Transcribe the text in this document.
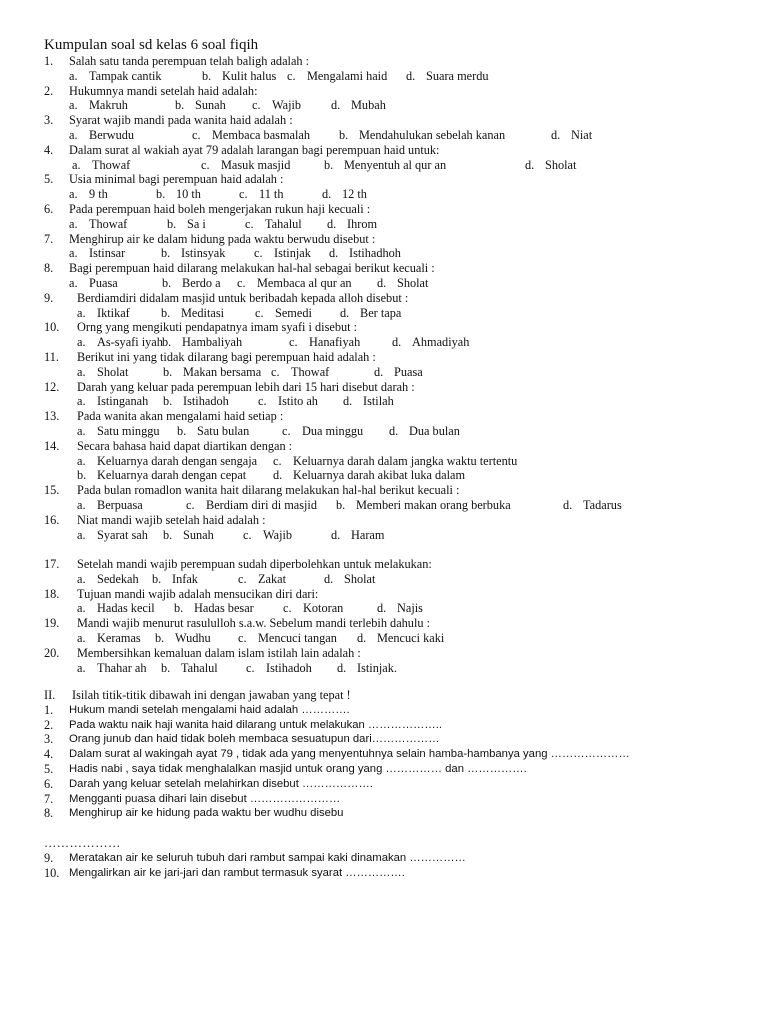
Kumpulan soal sd kelas 6 soal fiqih
1. Salah satu tanda perempuan telah baligh adalah :
a. Tampak cantik	b. Kulit halus c. Mengalami haid d. Suara merdu
2. Hukumnya mandi setelah haid adalah:
a. Makruh	b. Sunah c. Wajib d. Mubah
3. Syarat wajib mandi pada wanita haid adalah :
a. Berwudu	c. Membaca basmalah b. Mendahulukan sebelah kanan	d. Niat
4. Dalam surat al wakiah ayat 79 adalah larangan bagi perempuan haid untuk:
a. Thowaf	c. Masuk masjid	b. Menyentuh al qur an	d. Sholat
5. Usia minimal bagi perempuan haid adalah :
a. 9 th	b. 10 th	c. 11 th	d. 12 th
6. Pada perempuan haid boleh mengerjakan rukun haji kecuali :
a. Thowaf	b. Sa i	c. Tahalul d. Ihrom
7. Menghirup air ke dalam hidung pada waktu berwudu disebut :
a. Istinsar	b. Istinsyak c. Istinjak d. Istihadhoh
8. Bagi perempuan haid dilarang melakukan hal-hal sebagai berikut kecuali :
a. Puasa	b. Berdo a c. Membaca al qur an d. Sholat
9. Berdiamdiri didalam masjid untuk beribadah kepada alloh disebut :
a. Iktikaf	b. Meditasi	c. Semedi d. Ber tapa
10. Orng yang mengikuti pendapatnya imam syafi i disebut :
a. As-syafi iyah b. Hambaliyah	c. Hanafiyah	d. Ahmadiyah
11. Berikut ini yang tidak dilarang bagi perempuan haid adalah :
a. Sholat	b. Makan bersama c. Thowaf	d. Puasa
12. Darah yang keluar pada perempuan lebih dari 15 hari disebut darah :
a. Istinganah b. Istihadoh c. Istito ah d. Istilah
13. Pada wanita akan mengalami haid setiap :
a. Satu minggu b. Satu bulan	c. Dua minggu d. Dua bulan
14. Secara bahasa haid dapat diartikan dengan :
a. Keluarnya darah dengan sengaja c. Keluarnya darah dalam jangka waktu tertentu
b. Keluarnya darah dengan cepat d. Keluarnya darah akibat luka dalam
15. Pada bulan romadlon wanita hait dilarang melakukan hal-hal berikut kecuali :
a. Berpuasa	c. Berdiam diri di masjid b. Memberi makan orang berbuka	d. Tadarus
16. Niat mandi wajib setelah haid adalah :
a. Syarat sah b. Sunah c. Wajib	d. Haram
17. Setelah mandi wajib perempuan sudah diperbolehkan untuk melakukan:
a. Sedekah b. Infak	c. Zakat	d. Sholat
18. Tujuan mandi wajib adalah mensucikan diri dari:
a. Hadas kecil b. Hadas besar c. Kotoran	d. Najis
19. Mandi wajib menurut rasululloh s.a.w. Sebelum mandi terlebih dahulu :
a. Keramas b. Wudhu c. Mencuci tangan d. Mencuci kaki
20. Membersihkan kemaluan dalam islam istilah lain adalah :
a. Thahar ah b. Tahalul c. Istihadoh d. Istinjak.
II. Isilah titik-titik dibawah ini dengan jawaban yang tepat !
1. Hukum mandi setelah mengalami haid adalah ………….
2. Pada waktu naik haji wanita haid dilarang untuk melakukan ………………..
3. Orang junub dan haid tidak boleh membaca sesuatupun dari………………
4. Dalam surat al wakingah ayat 79 , tidak ada yang menyentuhnya selain hamba-hambanya yang …………………
5. Hadis nabi , saya tidak menghalalkan masjid untuk orang yang …………… dan …………….
6. Darah yang keluar setelah melahirkan disebut ……………….
7. Mengganti puasa dihari lain disebut ……………………
8. Menghirup air ke hidung pada waktu ber wudhu disebu
………………
9. Meratakan air ke seluruh tubuh dari rambut sampai kaki dinamakan ……………
10. Mengalirkan air ke jari-jari dan rambut termasuk syarat …………….
